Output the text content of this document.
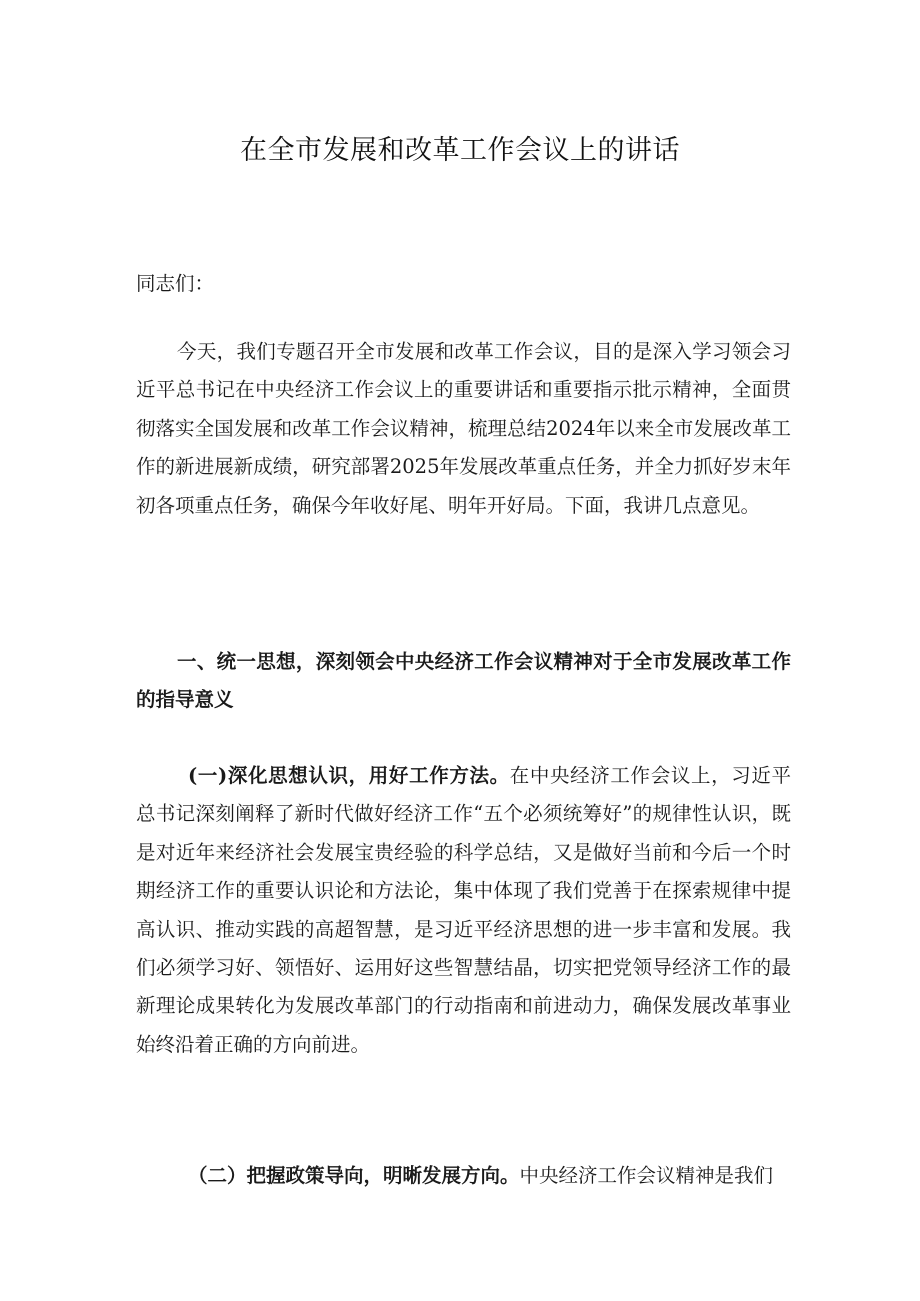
在全市发展和改革工作会议上的讲话

同志们：

今天，我们专题召开全市发展和改革工作会议，目的是深入学习领会习近平总书记在中央经济工作会议上的重要讲话和重要指示批示精神，全面贯彻落实全国发展和改革工作会议精神，梳理总结2024年以来全市发展改革工作的新进展新成绩，研究部署2025年发展改革重点任务，并全力抓好岁末年初各项重点任务，确保今年收好尾、明年开好局。下面，我讲几点意见。

一、统一思想，深刻领会中央经济工作会议精神对于全市发展改革工作的指导意义

(一)深化思想认识，用好工作方法。在中央经济工作会议上，习近平总书记深刻阐释了新时代做好经济工作“五个必须统筹好”的规律性认识，既是对近年来经济社会发展宝贵经验的科学总结，又是做好当前和今后一个时期经济工作的重要认识论和方法论，集中体现了我们党善于在探索规律中提高认识、推动实践的高超智慧，是习近平经济思想的进一步丰富和发展。我们必须学习好、领悟好、运用好这些智慧结晶，切实把党领导经济工作的最新理论成果转化为发展改革部门的行动指南和前进动力，确保发展改革事业始终沿着正确的方向前进。

（二）把握政策导向，明晰发展方向。中央经济工作会议精神是我们
